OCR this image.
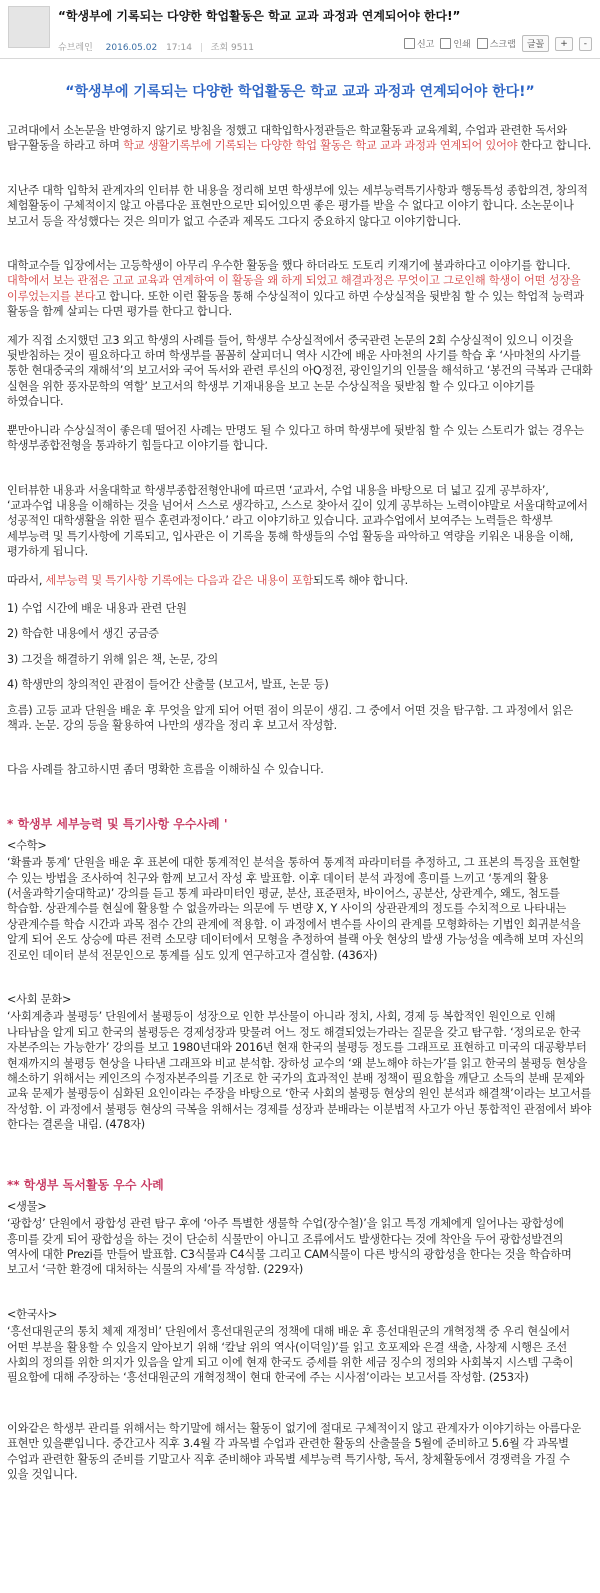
“학생부에 기록되는 다양한 학업활동은 학교 교과 과정과 연계되어야 한다!”
슈브레인 2016.05.02 17:14 | 조회 9511	신고 인쇄 스크랩	글꼴	+	-
“학생부에 기록되는 다양한 학업활동은 학교 교과 과정과 연계되어야 한다!”

고려대에서 소논문을 반영하지 않기로 방침을 정했고 대학입학사정관들은 학교활동과 교육계획, 수업과 관련한 독서와 탐구활동을 하라고 하며 학교 생활기록부에 기록되는 다양한 학업 활동은 학교 교과 과정과 연계되어 있어야 한다고 합니다.

지난주 대학 입학처 관계자의 인터뷰 한 내용을 정리해 보면 학생부에 있는 세부능력특기사항과 행동특성 종합의견, 창의적 체험활동이 구체적이지 않고 아름다운 표현만으로만 되어있으면 좋은 평가를 받을 수 없다고 이야기 합니다. 소논문이나 보고서 등을 작성했다는 것은 의미가 없고 수준과 제목도 그다지 중요하지 않다고 이야기합니다.

대학교수들 입장에서는 고등학생이 아무리 우수한 활동을 했다 하더라도 도토리 키재기에 불과하다고 이야기를 합니다. 대학에서 보는 관점은 고교 교육과 연계하여 이 활동을 왜 하게 되었고 해결과정은 무엇이고 그로인해 학생이 어떤 성장을 이루었는지를 본다고 합니다. 또한 이런 활동을 통해 수상실적이 있다고 하면 수상실적을 뒷받침 할 수 있는 학업적 능력과 활동을 함께 살피는 다면 평가를 한다고 합니다.

제가 직접 소지했던 고3 외고 학생의 사례를 들어, 학생부 수상실적에서 중국관련 논문의 2회 수상실적이 있으니 이것을 뒷받침하는 것이 필요하다고 하며 학생부를 꼼꼼히 살피더니 역사 시간에 배운 사마천의 사기를 학습 후 ‘사마천의 사기를 통한 현대중국의 재해석’의 보고서와 국어 독서와 관련 루신의 아Q정전, 광인일기의 인물을 해석하고 ‘봉건의 극복과 근대화 실현을 위한 풍자문학의 역할’ 보고서의 학생부 기재내용을 보고 논문 수상실적을 뒷받침 할 수 있다고 이야기를 하였습니다.

뿐만아니라 수상실적이 좋은데 떨어진 사례는 만명도 될 수 있다고 하며 학생부에 뒷받침 할 수 있는 스토리가 없는 경우는 학생부종합전형을 통과하기 힘들다고 이야기를 합니다.

인터뷰한 내용과 서울대학교 학생부종합전형안내에 따르면 ‘교과서, 수업 내용을 바탕으로 더 넓고 깊게 공부하자’, ‘교과수업 내용을 이해하는 것을 넘어서 스스로 생각하고, 스스로 찾아서 깊이 있게 공부하는 노력이야말로 서울대학교에서 성공적인 대학생활을 위한 필수 훈련과정이다.’ 라고 이야기하고 있습니다. 교과수업에서 보여주는 노력들은 학생부 세부능력 및 특기사항에 기록되고, 입사관은 이 기록을 통해 학생들의 수업 활동을 파악하고 역량을 키워온 내용을 이해, 평가하게 됩니다.

따라서, 세부능력 및 특기사항 기록에는 다음과 같은 내용이 포함되도록 해야 합니다.

1) 수업 시간에 배운 내용과 관련 단원

2) 학습한 내용에서 생긴 궁금증

3) 그것을 해결하기 위해 읽은 책, 논문, 강의

4) 학생만의 창의적인 관점이 들어간 산출물 (보고서, 발표, 논문 등)

흐름) 고등 교과 단원을 배운 후 무엇을 알게 되어 어떤 점이 의문이 생김. 그 중에서 어떤 것을 탐구함. 그 과정에서 읽은 책과. 논문. 강의 등을 활용하여 나만의 생각을 정리 후 보고서 작성함.

다음 사례를 참고하시면 좀더 명확한 흐름을 이해하실 수 있습니다.

* 학생부 세부능력 및 특기사항 우수사례 '

<수학>

‘확률과 통계’ 단원을 배운 후 표본에 대한 통계적인 분석을 통하여 통계적 파라미터를 추정하고, 그 표본의 특징을 표현할 수 있는 방법을 조사하여 친구와 함께 보고서 작성 후 발표함. 이후 데이터 분석 과정에 흥미를 느끼고 ‘통계의 활용(서울과학기술대학교)’ 강의를 듣고 통계 파라미터인 평균, 분산, 표준편차, 바이어스, 공분산, 상관계수, 왜도, 첨도를 학습함. 상관계수를 현실에 활용할 수 없을까라는 의문에 두 변량 X, Y 사이의 상관관계의 정도를 수치적으로 나타내는 상관계수를 학습 시간과 과목 점수 간의 관계에 적용함. 이 과정에서 변수를 사이의 관계를 모형화하는 기법인 회귀분석을 알게 되어 온도 상승에 따른 전력 소모량 데이터에서 모형을 추정하여 블랙 아웃 현상의 발생 가능성을 예측해 보며 자신의 진로인 데이터 분석 전문인으로 통계를 심도 있게 연구하고자 결심함. (436자)

<사회 문화>

‘사회계층과 불평등’ 단원에서 불평등이 성장으로 인한 부산물이 아니라 정치, 사회, 경제 등 복합적인 원인으로 인해 나타남을 알게 되고 한국의 불평등은 경제성장과 맞물려 어느 정도 해결되었는가라는 질문을 갖고 탐구함. ‘정의로운 한국 자본주의는 가능한가’ 강의를 보고 1980년대와 2016년 현재 한국의 불평등 정도를 그래프로 표현하고 미국의 대공황부터 현재까지의 불평등 현상을 나타낸 그래프와 비교 분석함. 장하성 교수의 ‘왜 분노해야 하는가’를 읽고 한국의 불평등 현상을 해소하기 위해서는 케인즈의 수정자본주의를 기조로 한 국가의 효과적인 분배 정책이 필요함을 깨닫고 소득의 분배 문제와 교육 문제가 불평등이 심화된 요인이라는 주장을 바탕으로 ‘한국 사회의 불평등 현상의 원인 분석과 해결책’이라는 보고서를 작성함. 이 과정에서 불평등 현상의 극복을 위해서는 경제를 성장과 분배라는 이분법적 사고가 아닌 통합적인 관점에서 봐야 한다는 결론을 내림. (478자)

** 학생부 독서활동 우수 사례

<생물>

‘광합성’ 단원에서 광합성 관련 탐구 후에 ‘아주 특별한 생물학 수업(장수철)’을 읽고 특정 개체에게 일어나는 광합성에 흥미를 갖게 되어 광합성을 하는 것이 단순히 식물만이 아니고 조류에서도 발생한다는 것에 착안을 두어 광합성발견의 역사에 대한 Prezi를 만들어 발표함. C3식물과 C4식물 그리고 CAM식물이 다른 방식의 광합성을 한다는 것을 학습하며 보고서 ‘극한 환경에 대처하는 식물의 자세’를 작성함. (229자)

<한국사>

‘흥선대원군의 통치 체제 재정비’ 단원에서 흥선대원군의 정책에 대해 배운 후 흥선대원군의 개혁정책 중 우리 현실에서 어떤 부분을 활용할 수 있을지 알아보기 위해 ‘칼날 위의 역사(이덕일)’를 읽고 호포제와 은결 색출, 사창제 시행은 조선 사회의 정의를 위한 의지가 있음을 알게 되고 이에 현재 한국도 증세를 위한 세금 징수의 정의와 사회복지 시스템 구축이 필요함에 대해 주장하는 ‘흥선대원군의 개혁정책이 현대 한국에 주는 시사점’이라는 보고서를 작성함. (253자)

이와같은 학생부 관리를 위해서는 학기말에 해서는 활동이 없기에 절대로 구체적이지 않고 관계자가 이야기하는 아름다운 표현만 있을뿐입니다. 중간고사 직후 3.4월 각 과목별 수업과 관련한 활동의 산출물을 5월에 준비하고 5.6월 각 과목별 수업과 관련한 활동의 준비를 기말고사 직후 준비해야 과목별 세부능력 특기사항, 독서, 창체활동에서 경쟁력을 가질 수 있을 것입니다.
